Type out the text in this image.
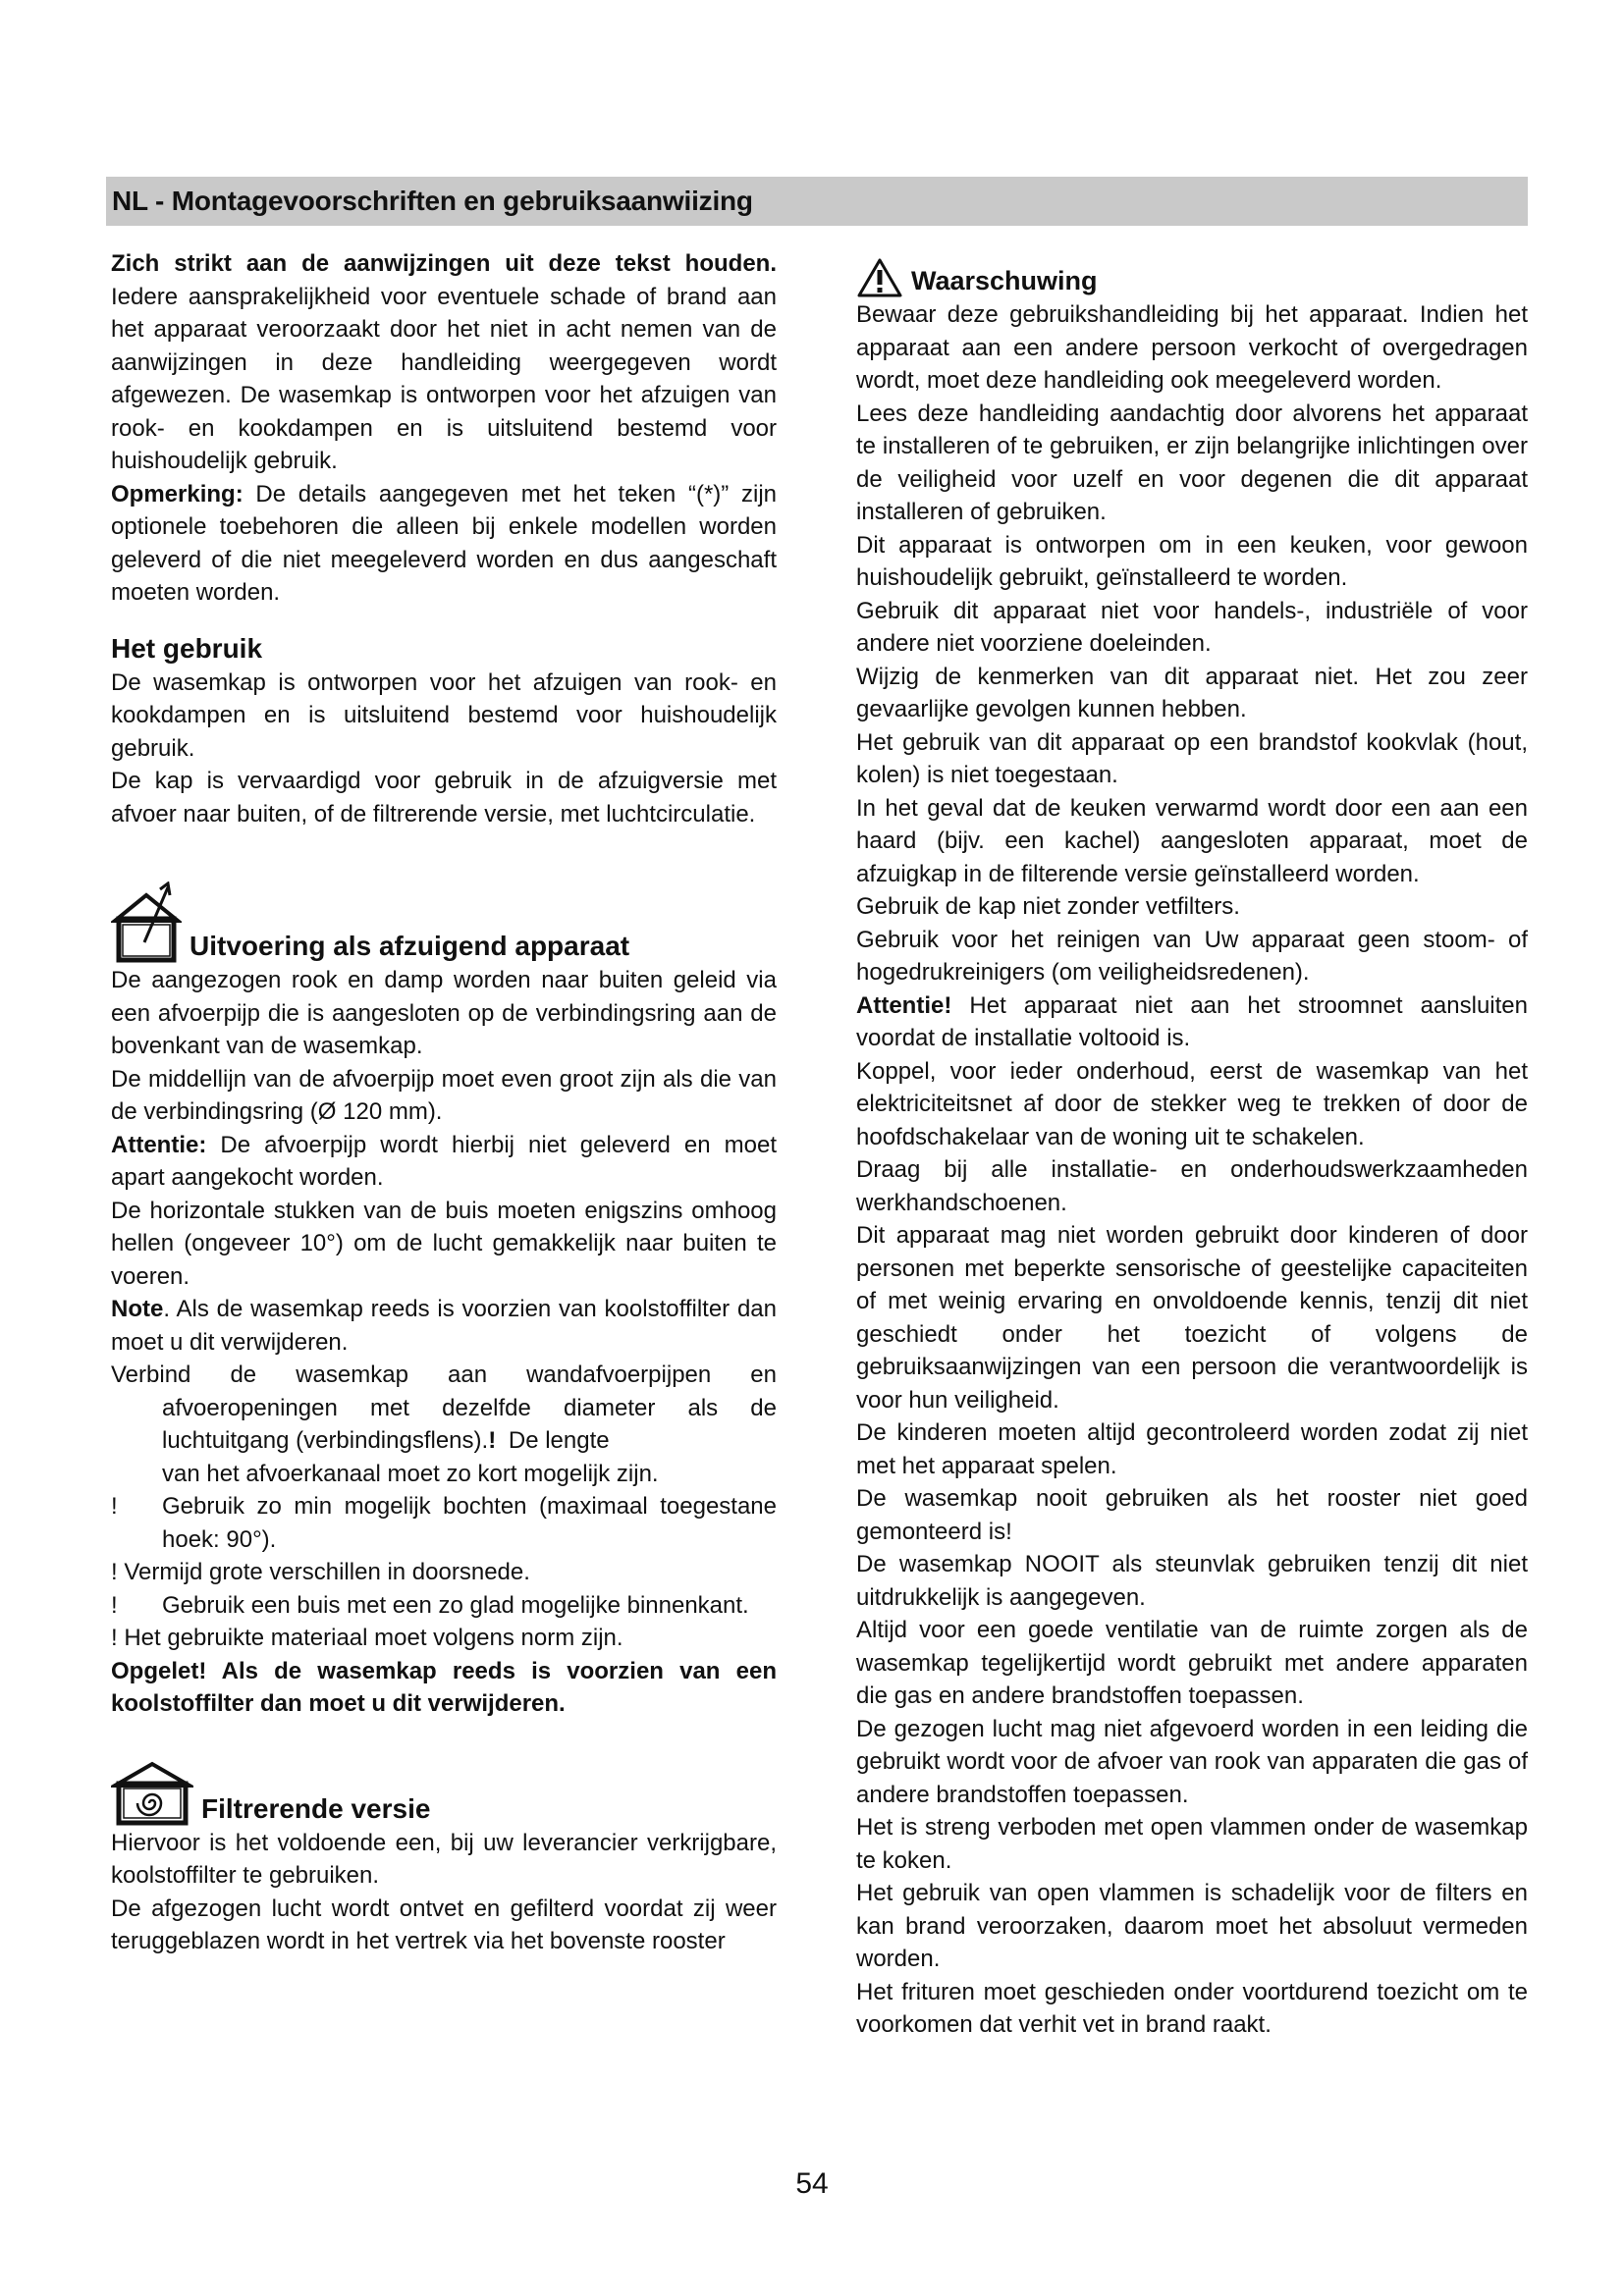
NL - Montagevoorschriften en gebruiksaanwiizing

Zich strikt aan de aanwijzingen uit deze tekst houden. Iedere aansprakelijkheid voor eventuele schade of brand aan het apparaat veroorzaakt door het niet in acht nemen van de aanwijzingen in deze handleiding weergegeven wordt afgewezen. De wasemkap is ontworpen voor het afzuigen van rook- en kookdampen en is uitsluitend bestemd voor huishoudelijk gebruik.

Opmerking: De details aangegeven met het teken “(*)” zijn optionele toebehoren die alleen bij enkele modellen worden geleverd of die niet meegeleverd worden en dus aangeschaft moeten worden.

Het gebruik

De wasemkap is ontworpen voor het afzuigen van rook- en kookdampen en is uitsluitend bestemd voor huishoudelijk gebruik.

De kap is vervaardigd voor gebruik in de afzuigversie met afvoer naar buiten, of de filtrerende versie, met luchtcirculatie.

Uitvoering als afzuigend apparaat

De aangezogen rook en damp worden naar buiten geleid via een afvoerpijp die is aangesloten op de verbindingsring aan de bovenkant van de wasemkap.

De middellijn van de afvoerpijp moet even groot zijn als die van de verbindingsring (Ø 120 mm).

Attentie: De afvoerpijp wordt hierbij niet geleverd en moet apart aangekocht worden.

De horizontale stukken van de buis moeten enigszins omhoog hellen (ongeveer 10°) om de lucht gemakkelijk naar buiten te voeren.

Note. Als de wasemkap reeds is voorzien van koolstoffilter dan moet u dit verwijderen.

Verbind de wasemkap aan wandafvoerpijpen en

afvoeropeningen met dezelfde diameter als de luchtuitgang (verbindingsflens).! De lengte

van het afvoerkanaal moet zo kort mogelijk zijn.

!	Gebruik zo min mogelijk bochten (maximaal toegestane hoek: 90°).

! Vermijd grote verschillen in doorsnede.

!	Gebruik een buis met een zo glad mogelijke binnenkant.

! Het gebruikte materiaal moet volgens norm zijn.

Opgelet! Als de wasemkap reeds is voorzien van een koolstoffilter dan moet u dit verwijderen.

Filtrerende versie

Hiervoor is het voldoende een, bij uw leverancier verkrijgbare, koolstoffilter te gebruiken.

De afgezogen lucht wordt ontvet en gefilterd voordat zij weer teruggeblazen wordt in het vertrek via het bovenste rooster

Waarschuwing

Bewaar deze gebruikshandleiding bij het apparaat. Indien het apparaat aan een andere persoon verkocht of overgedragen wordt, moet deze handleiding ook meegeleverd worden.

Lees deze handleiding aandachtig door alvorens het apparaat te installeren of te gebruiken, er zijn belangrijke inlichtingen over de veiligheid voor uzelf en voor degenen die dit apparaat installeren of gebruiken.

Dit apparaat is ontworpen om in een keuken, voor gewoon huishoudelijk gebruikt, geïnstalleerd te worden.

Gebruik dit apparaat niet voor handels-, industriële of voor andere niet voorziene doeleinden.

Wijzig de kenmerken van dit apparaat niet. Het zou zeer gevaarlijke gevolgen kunnen hebben.

Het gebruik van dit apparaat op een brandstof kookvlak (hout, kolen) is niet toegestaan.

In het geval dat de keuken verwarmd wordt door een aan een haard (bijv. een kachel) aangesloten apparaat, moet de afzuigkap in de filterende versie geïnstalleerd worden.

Gebruik de kap niet zonder vetfilters.

Gebruik voor het reinigen van Uw apparaat geen stoom- of hogedrukreinigers (om veiligheidsredenen).

Attentie! Het apparaat niet aan het stroomnet aansluiten voordat de installatie voltooid is.

Koppel, voor ieder onderhoud, eerst de wasemkap van het elektriciteitsnet af door de stekker weg te trekken of door de hoofdschakelaar van de woning uit te schakelen.

Draag bij alle installatie- en onderhoudswerkzaamheden werkhandschoenen.

Dit apparaat mag niet worden gebruikt door kinderen of door personen met beperkte sensorische of geestelijke capaciteiten of met weinig ervaring en onvoldoende kennis, tenzij dit niet geschiedt onder het toezicht of volgens de gebruiksaanwijzingen van een persoon die verantwoordelijk is voor hun veiligheid.

De kinderen moeten altijd gecontroleerd worden zodat zij niet met het apparaat spelen.

De wasemkap nooit gebruiken als het rooster niet goed gemonteerd is!

De wasemkap NOOIT als steunvlak gebruiken tenzij dit niet uitdrukkelijk is aangegeven.

Altijd voor een goede ventilatie van de ruimte zorgen als de wasemkap tegelijkertijd wordt gebruikt met andere apparaten die gas en andere brandstoffen toepassen.

De gezogen lucht mag niet afgevoerd worden in een leiding die gebruikt wordt voor de afvoer van rook van apparaten die gas of andere brandstoffen toepassen.

Het is streng verboden met open vlammen onder de wasemkap te koken.

Het gebruik van open vlammen is schadelijk voor de filters en kan brand veroorzaken, daarom moet het absoluut vermeden worden.

Het frituren moet geschieden onder voortdurend toezicht om te voorkomen dat verhit vet in brand raakt.

54
